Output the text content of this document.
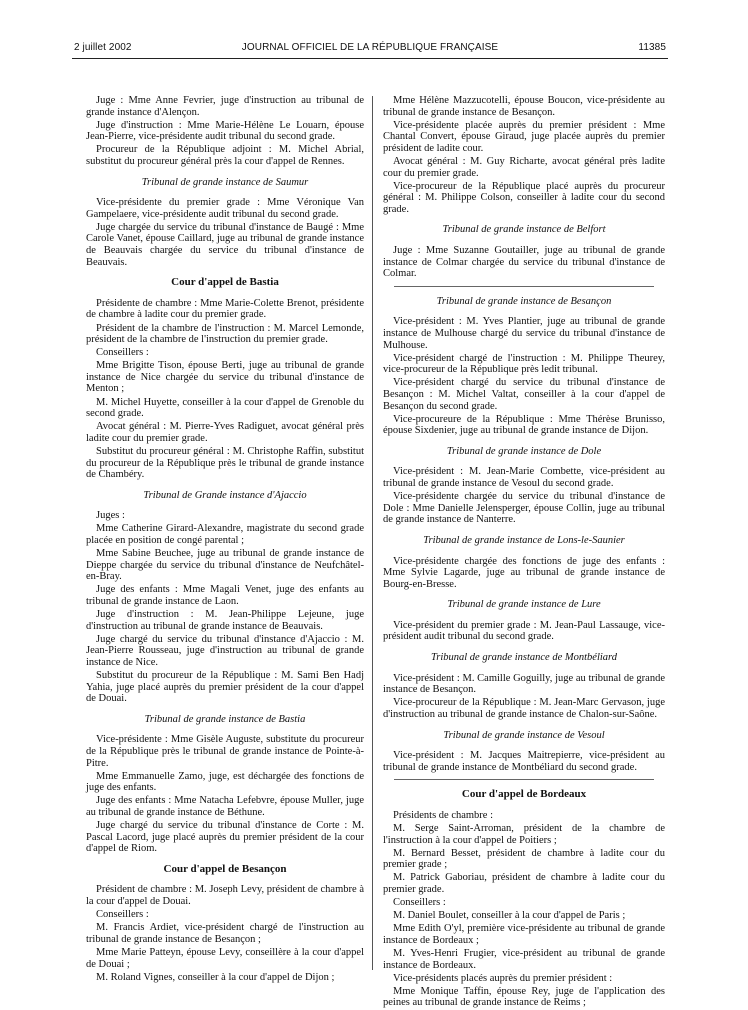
2 juillet 2002	JOURNAL OFFICIEL DE LA RÉPUBLIQUE FRANÇAISE	11385

Juge : Mme Anne Fevrier, juge d'instruction au tribunal de grande instance d'Alençon.

Juge d'instruction : Mme Marie-Hélène Le Louarn, épouse Jean-Pierre, vice-présidente audit tribunal du second grade.

Procureur de la République adjoint : M. Michel Abrial, substitut du procureur général près la cour d'appel de Rennes.

Tribunal de grande instance de Saumur

Vice-présidente du premier grade : Mme Véronique Van Gampelaere, vice-présidente audit tribunal du second grade.

Juge chargée du service du tribunal d'instance de Baugé : Mme Carole Vanet, épouse Caillard, juge au tribunal de grande instance de Beauvais chargée du service du tribunal d'instance de Beauvais.

Cour d'appel de Bastia

Présidente de chambre : Mme Marie-Colette Brenot, présidente de chambre à ladite cour du premier grade.

Président de la chambre de l'instruction : M. Marcel Lemonde, président de la chambre de l'instruction du premier grade.

Conseillers :

Mme Brigitte Tison, épouse Berti, juge au tribunal de grande instance de Nice chargée du service du tribunal d'instance de Menton ;

M. Michel Huyette, conseiller à la cour d'appel de Grenoble du second grade.

Avocat général : M. Pierre-Yves Radiguet, avocat général près ladite cour du premier grade.

Substitut du procureur général : M. Christophe Raffin, substitut du procureur de la République près le tribunal de grande instance de Chambéry.

Tribunal de Grande instance d'Ajaccio

Juges :

Mme Catherine Girard-Alexandre, magistrate du second grade placée en position de congé parental ;

Mme Sabine Beuchee, juge au tribunal de grande instance de Dieppe chargée du service du tribunal d'instance de Neufchâtel-en-Bray.

Juge des enfants : Mme Magali Venet, juge des enfants au tribunal de grande instance de Laon.

Juge d'instruction : M. Jean-Philippe Lejeune, juge d'instruction au tribunal de grande instance de Beauvais.

Juge chargé du service du tribunal d'instance d'Ajaccio : M. Jean-Pierre Rousseau, juge d'instruction au tribunal de grande instance de Nice.

Substitut du procureur de la République : M. Sami Ben Hadj Yahia, juge placé auprès du premier président de la cour d'appel de Douai.

Tribunal de grande instance de Bastia

Vice-présidente : Mme Gisèle Auguste, substitute du procureur de la République près le tribunal de grande instance de Pointe-à-Pitre.

Mme Emmanuelle Zamo, juge, est déchargée des fonctions de juge des enfants.

Juge des enfants : Mme Natacha Lefebvre, épouse Muller, juge au tribunal de grande instance de Béthune.

Juge chargé du service du tribunal d'instance de Corte : M. Pascal Lacord, juge placé auprès du premier président de la cour d'appel de Riom.

Cour d'appel de Besançon

Président de chambre : M. Joseph Levy, président de chambre à la cour d'appel de Douai.

Conseillers :

M. Francis Ardiet, vice-président chargé de l'instruction au tribunal de grande instance de Besançon ;

Mme Marie Patteyn, épouse Levy, conseillère à la cour d'appel de Douai ;

M. Roland Vignes, conseiller à la cour d'appel de Dijon ;

Mme Hélène Mazzucotelli, épouse Boucon, vice-présidente au tribunal de grande instance de Besançon.

Vice-présidente placée auprès du premier président : Mme Chantal Convert, épouse Giraud, juge placée auprès du premier président de ladite cour.

Avocat général : M. Guy Richarte, avocat général près ladite cour du premier grade.

Vice-procureur de la République placé auprès du procureur général : M. Philippe Colson, conseiller à ladite cour du second grade.

Tribunal de grande instance de Belfort

Juge : Mme Suzanne Goutailler, juge au tribunal de grande instance de Colmar chargée du service du tribunal d'instance de Colmar.

Tribunal de grande instance de Besançon

Vice-président : M. Yves Plantier, juge au tribunal de grande instance de Mulhouse chargé du service du tribunal d'instance de Mulhouse.

Vice-président chargé de l'instruction : M. Philippe Theurey, vice-procureur de la République près ledit tribunal.

Vice-président chargé du service du tribunal d'instance de Besançon : M. Michel Valtat, conseiller à la cour d'appel de Besançon du second grade.

Vice-procureure de la République : Mme Thérèse Brunisso, épouse Sixdenier, juge au tribunal de grande instance de Dijon.

Tribunal de grande instance de Dole

Vice-président : M. Jean-Marie Combette, vice-président au tribunal de grande instance de Vesoul du second grade.

Vice-présidente chargée du service du tribunal d'instance de Dole : Mme Danielle Jelensperger, épouse Collin, juge au tribunal de grande instance de Nanterre.

Tribunal de grande instance de Lons-le-Saunier

Vice-présidente chargée des fonctions de juge des enfants : Mme Sylvie Lagarde, juge au tribunal de grande instance de Bourg-en-Bresse.

Tribunal de grande instance de Lure

Vice-président du premier grade : M. Jean-Paul Lassauge, vice-président audit tribunal du second grade.

Tribunal de grande instance de Montbéliard

Vice-président : M. Camille Goguilly, juge au tribunal de grande instance de Besançon.

Vice-procureur de la République : M. Jean-Marc Gervason, juge d'instruction au tribunal de grande instance de Chalon-sur-Saône.

Tribunal de grande instance de Vesoul

Vice-président : M. Jacques Maitrepierre, vice-président au tribunal de grande instance de Montbéliard du second grade.

Cour d'appel de Bordeaux

Présidents de chambre :

M. Serge Saint-Arroman, président de la chambre de l'instruction à la cour d'appel de Poitiers ;

M. Bernard Besset, président de chambre à ladite cour du premier grade ;

M. Patrick Gaboriau, président de chambre à ladite cour du premier grade.

Conseillers :

M. Daniel Boulet, conseiller à la cour d'appel de Paris ;

Mme Edith O'yl, première vice-présidente au tribunal de grande instance de Bordeaux ;

M. Yves-Henri Frugier, vice-président au tribunal de grande instance de Bordeaux.

Vice-présidents placés auprès du premier président :

Mme Monique Taffin, épouse Rey, juge de l'application des peines au tribunal de grande instance de Reims ;
